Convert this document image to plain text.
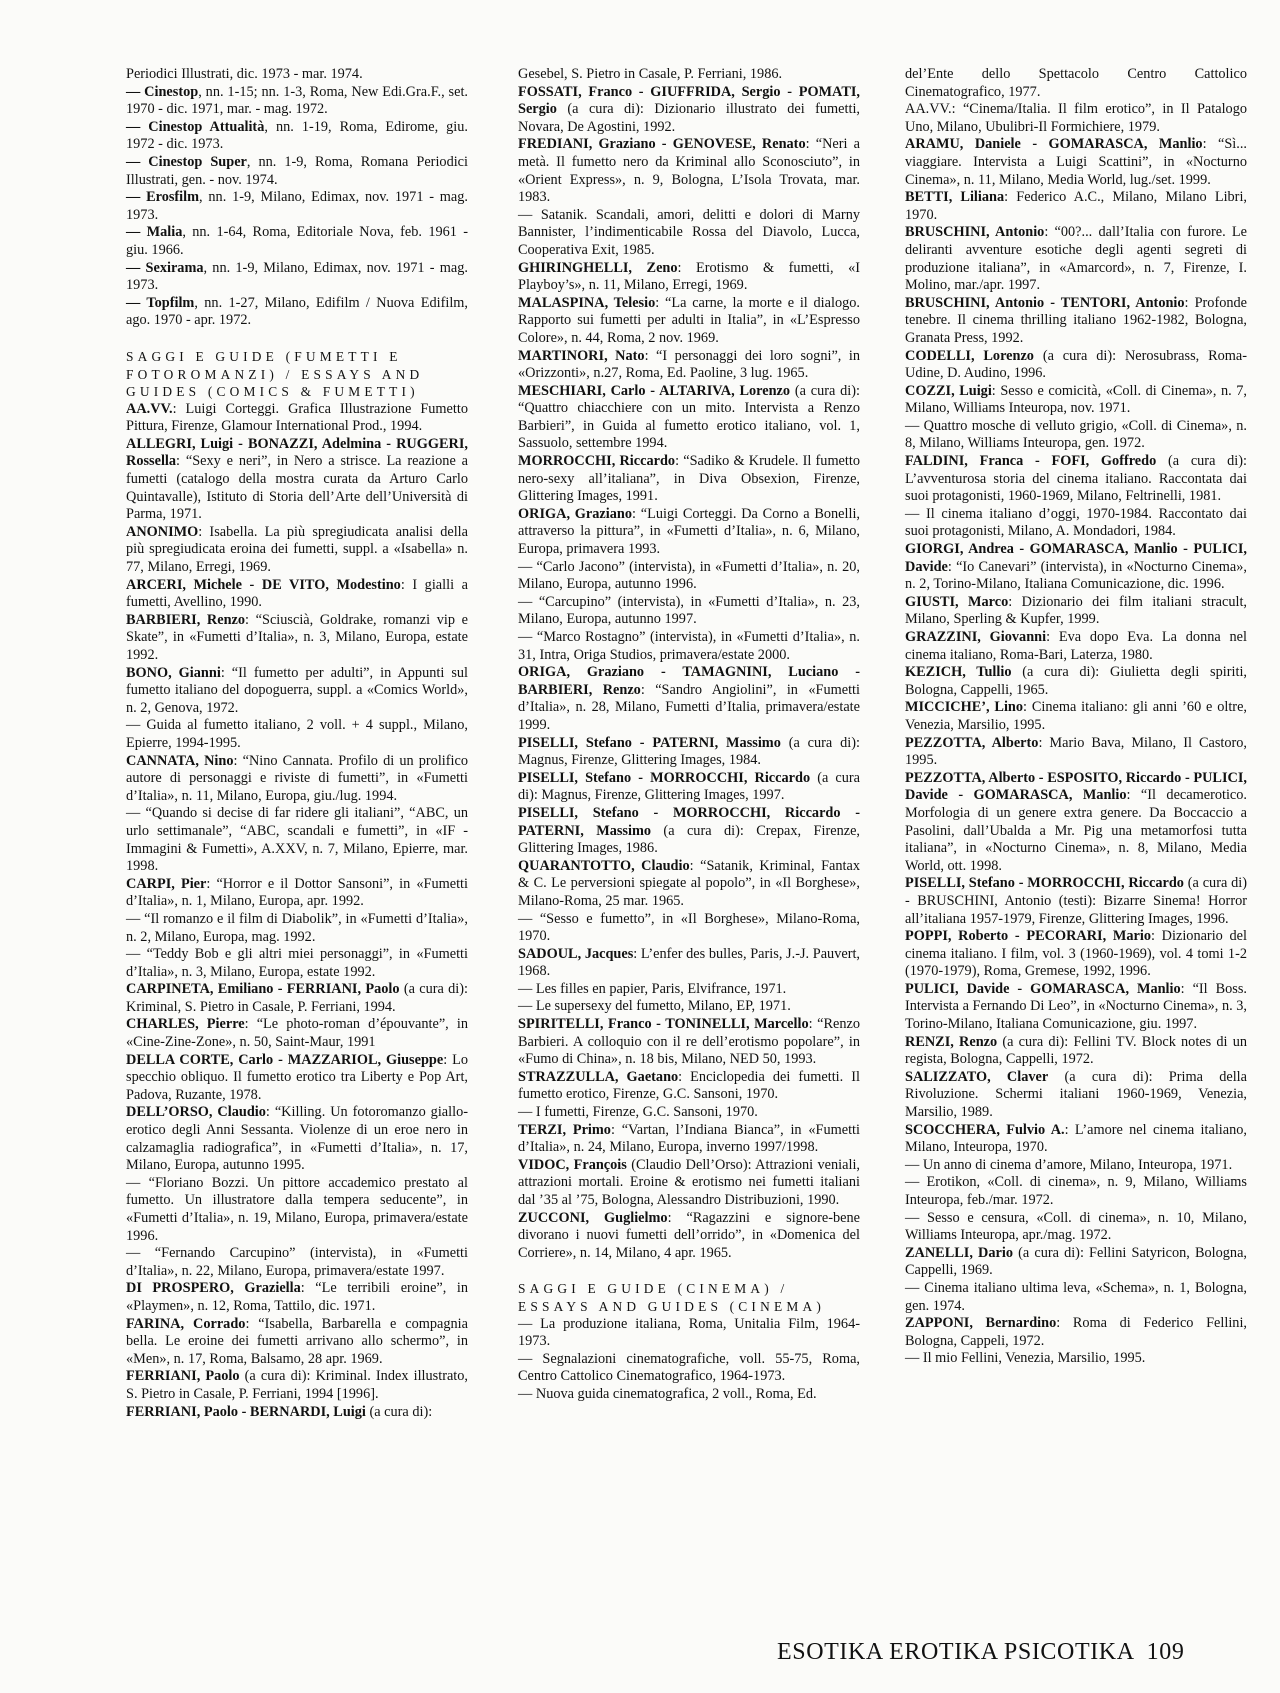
Periodici Illustrati, dic. 1973 - mar. 1974.

— Cinestop, nn. 1-15; nn. 1-3, Roma, New Edi.Gra.F., set. 1970 - dic. 1971, mar. - mag. 1972.

— Cinestop Attualità, nn. 1-19, Roma, Edirome, giu. 1972 - dic. 1973.

— Cinestop Super, nn. 1-9, Roma, Romana Periodici Illustrati, gen. - nov. 1974.

— Erosfilm, nn. 1-9, Milano, Edimax, nov. 1971 - mag. 1973.

— Malia, nn. 1-64, Roma, Editoriale Nova, feb. 1961 - giu. 1966.

— Sexirama, nn. 1-9, Milano, Edimax, nov. 1971 - mag. 1973.

— Topfilm, nn. 1-27, Milano, Edifilm / Nuova Edifilm, ago. 1970 - apr. 1972.

SAGGI E GUIDE (FUMETTI E FOTOROMANZI) / ESSAYS AND GUIDES (COMICS & FUMETTI)

AA.VV.: Luigi Corteggi. Grafica Illustrazione Fumetto Pittura, Firenze, Glamour International Prod., 1994.

ALLEGRI, Luigi - BONAZZI, Adelmina - RUGGERI, Rossella: “Sexy e neri”, in Nero a strisce. La reazione a fumetti (catalogo della mostra curata da Arturo Carlo Quintavalle), Istituto di Storia dell’Arte dell’Università di Parma, 1971.

ANONIMO: Isabella. La più spregiudicata analisi della più spregiudicata eroina dei fumetti, suppl. a «Isabella» n. 77, Milano, Erregi, 1969.

ARCERI, Michele - DE VITO, Modestino: I gialli a fumetti, Avellino, 1990.

BARBIERI, Renzo: “Sciuscià, Goldrake, romanzi vip e Skate”, in «Fumetti d’Italia», n. 3, Milano, Europa, estate 1992.

BONO, Gianni: “Il fumetto per adulti”, in Appunti sul fumetto italiano del dopoguerra, suppl. a «Comics World», n. 2, Genova, 1972.

— Guida al fumetto italiano, 2 voll. + 4 suppl., Milano, Epierre, 1994-1995.

CANNATA, Nino: “Nino Cannata. Profilo di un prolifico autore di personaggi e riviste di fumetti”, in «Fumetti d’Italia», n. 11, Milano, Europa, giu./lug. 1994.

— “Quando si decise di far ridere gli italiani”, “ABC, un urlo settimanale”, “ABC, scandali e fumetti”, in «IF - Immagini & Fumetti», A.XXV, n. 7, Milano, Epierre, mar. 1998.

CARPI, Pier: “Horror e il Dottor Sansoni”, in «Fumetti d’Italia», n. 1, Milano, Europa, apr. 1992.

— “Il romanzo e il film di Diabolik”, in «Fumetti d’Italia», n. 2, Milano, Europa, mag. 1992.

— “Teddy Bob e gli altri miei personaggi”, in «Fumetti d’Italia», n. 3, Milano, Europa, estate 1992.

CARPINETA, Emiliano - FERRIANI, Paolo (a cura di): Kriminal, S. Pietro in Casale, P. Ferriani, 1994.

CHARLES, Pierre: “Le photo-roman d’épouvante”, in «Cine-Zine-Zone», n. 50, Saint-Maur, 1991

DELLA CORTE, Carlo - MAZZARIOL, Giuseppe: Lo specchio obliquo. Il fumetto erotico tra Liberty e Pop Art, Padova, Ruzante, 1978.

DELL’ORSO, Claudio: “Killing. Un fotoromanzo giallo-erotico degli Anni Sessanta. Violenze di un eroe nero in calzamaglia radiografica”, in «Fumetti d’Italia», n. 17, Milano, Europa, autunno 1995.

— “Floriano Bozzi. Un pittore accademico prestato al fumetto. Un illustratore dalla tempera seducente”, in «Fumetti d’Italia», n. 19, Milano, Europa, primavera/estate 1996.

— “Fernando Carcupino” (intervista), in «Fumetti d’Italia», n. 22, Milano, Europa, primavera/estate 1997.

DI PROSPERO, Graziella: “Le terribili eroine”, in «Playmen», n. 12, Roma, Tattilo, dic. 1971.

FARINA, Corrado: “Isabella, Barbarella e compagnia bella. Le eroine dei fumetti arrivano allo schermo”, in «Men», n. 17, Roma, Balsamo, 28 apr. 1969.

FERRIANI, Paolo (a cura di): Kriminal. Index illustrato, S. Pietro in Casale, P. Ferriani, 1994 [1996].

FERRIANI, Paolo - BERNARDI, Luigi (a cura di):

Gesebel, S. Pietro in Casale, P. Ferriani, 1986.

FOSSATI, Franco - GIUFFRIDA, Sergio - POMATI, Sergio (a cura di): Dizionario illustrato dei fumetti, Novara, De Agostini, 1992.

FREDIANI, Graziano - GENOVESE, Renato: “Neri a metà. Il fumetto nero da Kriminal allo Sconosciuto”, in «Orient Express», n. 9, Bologna, L’Isola Trovata, mar. 1983.

— Satanik. Scandali, amori, delitti e dolori di Marny Bannister, l’indimenticabile Rossa del Diavolo, Lucca, Cooperativa Exit, 1985.

GHIRINGHELLI, Zeno: Erotismo & fumetti, «I Playboy’s», n. 11, Milano, Erregi, 1969.

MALASPINA, Telesio: “La carne, la morte e il dialogo. Rapporto sui fumetti per adulti in Italia”, in «L’Espresso Colore», n. 44, Roma, 2 nov. 1969.

MARTINORI, Nato: “I personaggi dei loro sogni”, in «Orizzonti», n.27, Roma, Ed. Paoline, 3 lug. 1965.

MESCHIARI, Carlo - ALTARIVA, Lorenzo (a cura di): “Quattro chiacchiere con un mito. Intervista a Renzo Barbieri”, in Guida al fumetto erotico italiano, vol. 1, Sassuolo, settembre 1994.

MORROCCHI, Riccardo: “Sadiko & Krudele. Il fumetto nero-sexy all’italiana”, in Diva Obsexion, Firenze, Glittering Images, 1991.

ORIGA, Graziano: “Luigi Corteggi. Da Corno a Bonelli, attraverso la pittura”, in «Fumetti d’Italia», n. 6, Milano, Europa, primavera 1993.

— “Carlo Jacono” (intervista), in «Fumetti d’Italia», n. 20, Milano, Europa, autunno 1996.

— “Carcupino” (intervista), in «Fumetti d’Italia», n. 23, Milano, Europa, autunno 1997.

— “Marco Rostagno” (intervista), in «Fumetti d’Italia», n. 31, Intra, Origa Studios, primavera/estate 2000.

ORIGA, Graziano - TAMAGNINI, Luciano - BARBIERI, Renzo: “Sandro Angiolini”, in «Fumetti d’Italia», n. 28, Milano, Fumetti d’Italia, primavera/estate 1999.

PISELLI, Stefano - PATERNI, Massimo (a cura di): Magnus, Firenze, Glittering Images, 1984.

PISELLI, Stefano - MORROCCHI, Riccardo (a cura di): Magnus, Firenze, Glittering Images, 1997.

PISELLI, Stefano - MORROCCHI, Riccardo - PATERNI, Massimo (a cura di): Crepax, Firenze, Glittering Images, 1986.

QUARANTOTTO, Claudio: “Satanik, Kriminal, Fantax & C. Le perversioni spiegate al popolo”, in «Il Borghese», Milano-Roma, 25 mar. 1965.

— “Sesso e fumetto”, in «Il Borghese», Milano-Roma, 1970.

SADOUL, Jacques: L’enfer des bulles, Paris, J.-J. Pauvert, 1968.

— Les filles en papier, Paris, Elvifrance, 1971.

— Le supersexy del fumetto, Milano, EP, 1971.

SPIRITELLI, Franco - TONINELLI, Marcello: “Renzo Barbieri. A colloquio con il re dell’erotismo popolare”, in «Fumo di China», n. 18 bis, Milano, NED 50, 1993.

STRAZZULLA, Gaetano: Enciclopedia dei fumetti. Il fumetto erotico, Firenze, G.C. Sansoni, 1970.

— I fumetti, Firenze, G.C. Sansoni, 1970.

TERZI, Primo: “Vartan, l’Indiana Bianca”, in «Fumetti d’Italia», n. 24, Milano, Europa, inverno 1997/1998.

VIDOC, François (Claudio Dell’Orso): Attrazioni veniali, attrazioni mortali. Eroine & erotismo nei fumetti italiani dal ’35 al ’75, Bologna, Alessandro Distribuzioni, 1990.

ZUCCONI, Guglielmo: “Ragazzini e signore-bene divorano i nuovi fumetti dell’orrido”, in «Domenica del Corriere», n. 14, Milano, 4 apr. 1965.

SAGGI E GUIDE (CINEMA) / ESSAYS AND GUIDES (CINEMA)

— La produzione italiana, Roma, Unitalia Film, 1964-1973.

— Segnalazioni cinematografiche, voll. 55-75, Roma, Centro Cattolico Cinematografico, 1964-1973.

— Nuova guida cinematografica, 2 voll., Roma, Ed.

del’Ente dello Spettacolo Centro Cattolico Cinematografico, 1977.

AA.VV.: “Cinema/Italia. Il film erotico”, in Il Patalogo Uno, Milano, Ubulibri-Il Formichiere, 1979.

ARAMU, Daniele - GOMARASCA, Manlio: “Sì... viaggiare. Intervista a Luigi Scattini”, in «Nocturno Cinema», n. 11, Milano, Media World, lug./set. 1999.

BETTI, Liliana: Federico A.C., Milano, Milano Libri, 1970.

BRUSCHINI, Antonio: “00?... dall’Italia con furore. Le deliranti avventure esotiche degli agenti segreti di produzione italiana”, in «Amarcord», n. 7, Firenze, I. Molino, mar./apr. 1997.

BRUSCHINI, Antonio - TENTORI, Antonio: Profonde tenebre. Il cinema thrilling italiano 1962-1982, Bologna, Granata Press, 1992.

CODELLI, Lorenzo (a cura di): Nerosubrass, Roma-Udine, D. Audino, 1996.

COZZI, Luigi: Sesso e comicità, «Coll. di Cinema», n. 7, Milano, Williams Inteuropa, nov. 1971.

— Quattro mosche di velluto grigio, «Coll. di Cinema», n. 8, Milano, Williams Inteuropa, gen. 1972.

FALDINI, Franca - FOFI, Goffredo (a cura di): L’avventurosa storia del cinema italiano. Raccontata dai suoi protagonisti, 1960-1969, Milano, Feltrinelli, 1981.

— Il cinema italiano d’oggi, 1970-1984. Raccontato dai suoi protagonisti, Milano, A. Mondadori, 1984.

GIORGI, Andrea - GOMARASCA, Manlio - PULICI, Davide: “Io Canevari” (intervista), in «Nocturno Cinema», n. 2, Torino-Milano, Italiana Comunicazione, dic. 1996.

GIUSTI, Marco: Dizionario dei film italiani stracult, Milano, Sperling & Kupfer, 1999.

GRAZZINI, Giovanni: Eva dopo Eva. La donna nel cinema italiano, Roma-Bari, Laterza, 1980.

KEZICH, Tullio (a cura di): Giulietta degli spiriti, Bologna, Cappelli, 1965.

MICCICHE’, Lino: Cinema italiano: gli anni ’60 e oltre, Venezia, Marsilio, 1995.

PEZZOTTA, Alberto: Mario Bava, Milano, Il Castoro, 1995.

PEZZOTTA, Alberto - ESPOSITO, Riccardo - PULICI, Davide - GOMARASCA, Manlio: “Il decamerotico. Morfologia di un genere extra genere. Da Boccaccio a Pasolini, dall’Ubalda a Mr. Pig una metamorfosi tutta italiana”, in «Nocturno Cinema», n. 8, Milano, Media World, ott. 1998.

PISELLI, Stefano - MORROCCHI, Riccardo (a cura di) - BRUSCHINI, Antonio (testi): Bizarre Sinema! Horror all’italiana 1957-1979, Firenze, Glittering Images, 1996.

POPPI, Roberto - PECORARI, Mario: Dizionario del cinema italiano. I film, vol. 3 (1960-1969), vol. 4 tomi 1-2 (1970-1979), Roma, Gremese, 1992, 1996.

PULICI, Davide - GOMARASCA, Manlio: “Il Boss. Intervista a Fernando Di Leo”, in «Nocturno Cinema», n. 3, Torino-Milano, Italiana Comunicazione, giu. 1997.

RENZI, Renzo (a cura di): Fellini TV. Block notes di un regista, Bologna, Cappelli, 1972.

SALIZZATO, Claver (a cura di): Prima della Rivoluzione. Schermi italiani 1960-1969, Venezia, Marsilio, 1989.

SCOCCHERA, Fulvio A.: L’amore nel cinema italiano, Milano, Inteuropa, 1970.

— Un anno di cinema d’amore, Milano, Inteuropa, 1971.

— Erotikon, «Coll. di cinema», n. 9, Milano, Williams Inteuropa, feb./mar. 1972.

— Sesso e censura, «Coll. di cinema», n. 10, Milano, Williams Inteuropa, apr./mag. 1972.

ZANELLI, Dario (a cura di): Fellini Satyricon, Bologna, Cappelli, 1969.

— Cinema italiano ultima leva, «Schema», n. 1, Bologna, gen. 1974.

ZAPPONI, Bernardino: Roma di Federico Fellini, Bologna, Cappeli, 1972.

— Il mio Fellini, Venezia, Marsilio, 1995.

ESOTIKA EROTIKA PSICOTIKA 109
